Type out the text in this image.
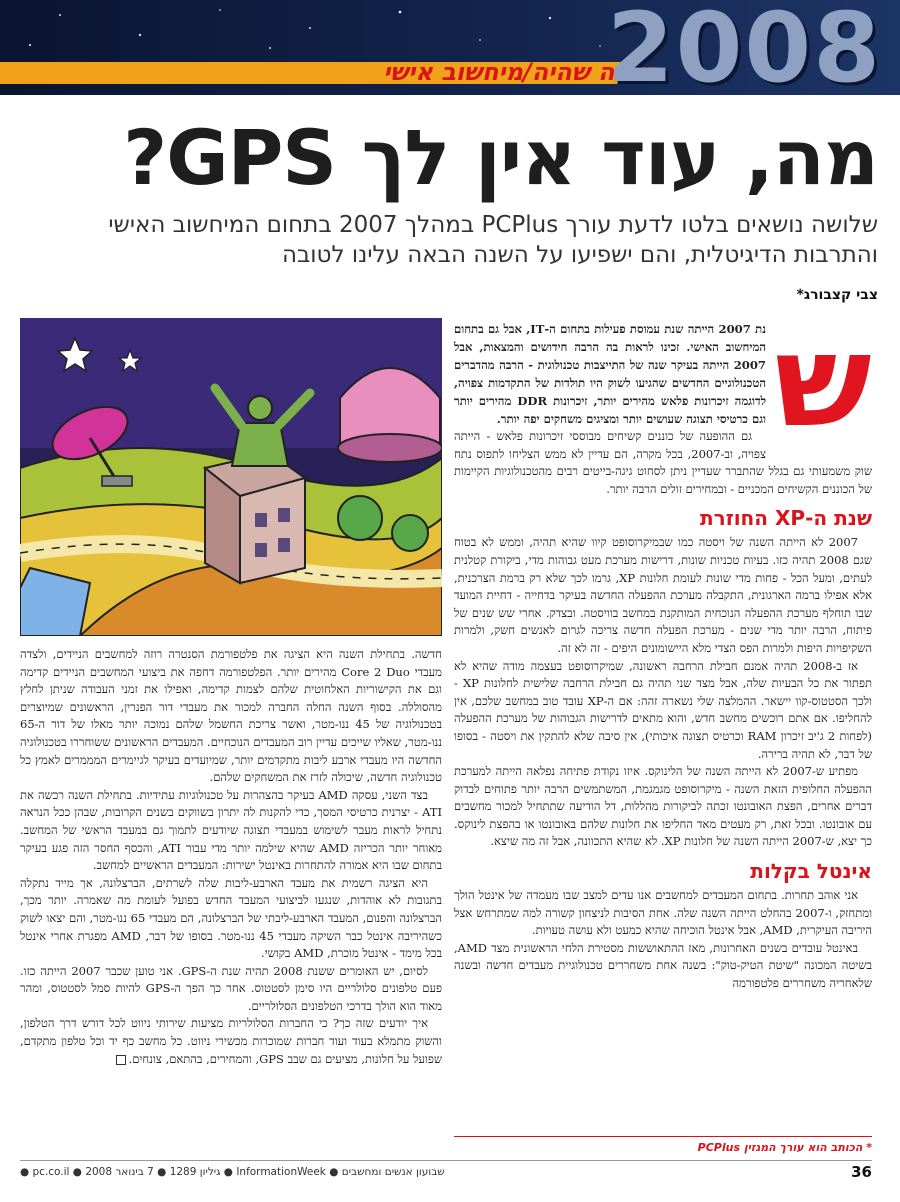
השנה שהיה/מיחשוב אישי
2008
מה, עוד אין לך GPS?
שלושה נושאים בלטו לדעת עורך PCPlus במהלך 2007 בתחום המיחשוב האישי והתרבות הדיגיטלית, והם ישפיעו על השנה הבאה עלינו לטובה
צבי קצבורג*
ש

נת 2007 הייתה שנת עמוסת פעילות בתחום ה-IT, אבל גם בתחום המיחשוב האישי. זכינו לראות בה הרבה חידושים והמצאות, אבל 2007 הייתה בעיקר שנה של התייצבות טכנולוגית - הרבה מהדברים הטכנולוגיים החדשים שהגיעו לשוק היו תולדות של התקדמות צפויה, לדוגמה זיכרונות פלאש מהירים יותר, זיכרונות DDR מהירים יותר וגם כרטיסי תצוגה שעושים יותר ומציגים משחקים יפה יותר.

גם ההופעה של כוננים קשיחים מבוססי זיכרונות פלאש - הייתה צפויה, וב-2007, בכל מקרה, הם עדיין לא ממש הצליחו לתפוס נתח שוק משמעותי גם בגלל שהתברר שעדיין ניתן לסחוט גיגה-בייטים רבים מהטכנולוגיות הקיימות של הכוננים הקשיחים המכניים - ובמחירים זולים הרבה יותר.

שנת ה-XP החוזרת

2007 לא הייתה השנה של ויסטה כמו שבמיקרוסופט קיוו שהיא תהיה, וממש לא בטוח שגם 2008 תהיה כזו. בעיות טכניות שונות, דרישות מערכת מעט גבוהות מדי, ביקורת קטלנית לעתים, ומעל הכל - פחות מדי שונות לעומת חלונות XP, גרמו לכך שלא רק ברמת הצרכנית, אלא אפילו ברמה הארגונית, התקבלה מערכת ההפעלה החדשה בעיקר בדחייה - דחיית המועד שבו תוחלף מערכת ההפעלה הנוכחית המותקנת במחשב בוויסטה. ובצדק. אחרי שש שנים של פיתוח, הרבה יותר מדי שנים - מערכת הפעלה חדשה צריכה לגרום לאנשים חשק, ולמרות השקיפויות היפות ולמרות הפס הצדי מלא היישומונים היפים - זה לא זה.

אז ב-2008 תהיה אמנם חבילת הרחבה ראשונה, שמיקרוסופט בעצמה מודה שהיא לא תפתור את כל הבעיות שלה, אבל מצד שני תהיה גם חבילת הרחבה שלישית לחלונות XP - ולכך הסטטוס-קוו יישאר. ההמלצה שלי נשארה זהה: אם ה-XP עובד טוב במחשב שלכם, אין להחליפו. אם אתם רוכשים מחשב חדש, והוא מתאים לדרישות הגבוהות של מערכת ההפעלה (לפחות 2 ג'יב זיכרון RAM וכרטיס תצוגה איכותי), אין סיבה שלא להתקין את ויסטה - בסופו של דבר, לא תהיה ברירה.

מפתיע ש-2007 לא הייתה השנה של הלינוקס. איזו נקודת פתיחה נפלאה הייתה למערכת ההפעלה החלופית הזאת השנה - מיקרוסופט מגמגמת, המשתמשים הרבה יותר פתוחים לבדוק דברים אחרים, הפצת האובונטו זכתה לביקורות מהללות, דל הודיעה שתתחיל למכור מחשבים עם אובונטו. ובכל זאת, רק מעטים מאד החליפו את חלונות שלהם באובונטו או בהפצת לינוקס. כך יצא, ש-2007 הייתה השנה של חלונות XP. לא שהיא התכוונה, אבל זה מה שיצא.

אינטל בקלות

אני אוהב תחרות. בתחום המעבדים למחשבים אנו עדים למצב שבו מעמדה של אינטל הולך ומתחזק, ו-2007 בהחלט הייתה השנה שלה. אחת הסיבות לניצחון קשורה למה שמתרחש אצל היריבה העיקרית, AMD, אבל אינטל הוכיחה שהיא כמעט ולא עושה טעויות.

באינטל עובדים בשנים האחרונות, מאז ההתאוששות מסטירת הלחי הראשונית מצד AMD, בשיטה המכונה "שיטת הטיק-טוק": בשנה אחת משחררים טכנולוגיית מעבדים חדשה ובשנה שלאחריה משחררים פלטפורמה

חדשה. בתחילת השנה היא הציגה את פלטפורמת הסנטרה רוזה למחשבים הניידים, ולצדה מעבדי Core 2 Duo מהירים יותר. הפלטפורמה דחפה את ביצועי המחשבים הניידים קדימה וגם את הקישוריות האלחוטית שלהם לצמות קדימה, ואפילו את זמני העבודה שניתן לחלץ מהסוללה. בסוף השנה החלה החברה למכור את מעבדי דור הפנרין, הראשונים שמיוצרים בטכנולוגיה של 45 ננו-מטר, ואשר צריכת החשמל שלהם נמוכה יותר מאלו של דור ה-65 ננו-מטר, שאליו שייכים עדיין רוב המעבדים הנוכחיים. המעבדים הראשונים ששוחררו בטכנולוגיה החדשה היו מעבדי ארבע ליבות מתקדמים יותר, שמיועדים בעיקר לגיימרים המממרים לאמץ כל טכנולוגיה חדשה, שיכולה לזרז את המשחקים שלהם.

בצד השני, עסקה AMD בעיקר בהצהרות על טכנולוגיות עתידיות. בתחילת השנה רכשה את ATI - יצרנית כרטיסי המסך, כדי להקנות לה יתרון בשווקים בשנים הקרובות, שבהן ככל הנראה נתחיל לראות מעבר לשימוש במעבדי תצוגה שיודעים לתמוך גם במעבד הראשי של המחשב. מאוחר יותר הכריזה AMD שהיא שילמה יותר מדי עבור ATI, והכסף החסר הזה פגע בעיקר בתחום שבו היא אמורה להתחרות באינטל ישירות: המעבדים הראשיים למחשב.

היא הציגה רשמית את מעבד הארבע-ליבות שלה לשרתים, הברצלונה, אך מייד נתקלה בתגובות לא אוהדות, שנגעו לביצועי המעבד החדש בפועל לעומת מה שאמרה. יותר מכך, הברצלונה והפנום, המעבד הארבע-ליבתי של הברצלונה, הם מעבדי 65 ננו-מטר, והם יצאו לשוק כשהיריבה אינטל כבר השיקה מעבדי 45 ננו-מטר. בסופו של דבר, AMD מפגרת אחרי אינטל בכל מימד - אינטל מוכרת, AMD בקושי.

לסיום, יש האומרים ששנת 2008 תהיה שנת ה-GPS. אני טוען שכבר 2007 הייתה כזו. פעם טלפונים סלולריים היו סימן לסטטוס. אחר כך הפך ה-GPS להיות סמל לסטטוס, ומהר מאוד הוא הולך בדרכי הטלפונים הסלולריים.

איך יודעים שזה כך? כי החברות הסלולריות מציעות שירותי ניווט לכל דורש דרך הטלפון, והשוק מתמלא בעוד ועוד חברות שמוכרות מכשירי ניווט. כל מחשב כף יד וכל טלפון מתקדם, שפועל על חלונות, מציעים גם שבב GPS, והמחירים, בהתאם, צונחים.

* הכותב הוא עורך המגזין PCPlus
36
שבועון אנשים ומחשבים ● InformationWeek ● גיליון 1289 ● 7 בינואר 2008 ● pc.co.il ●
